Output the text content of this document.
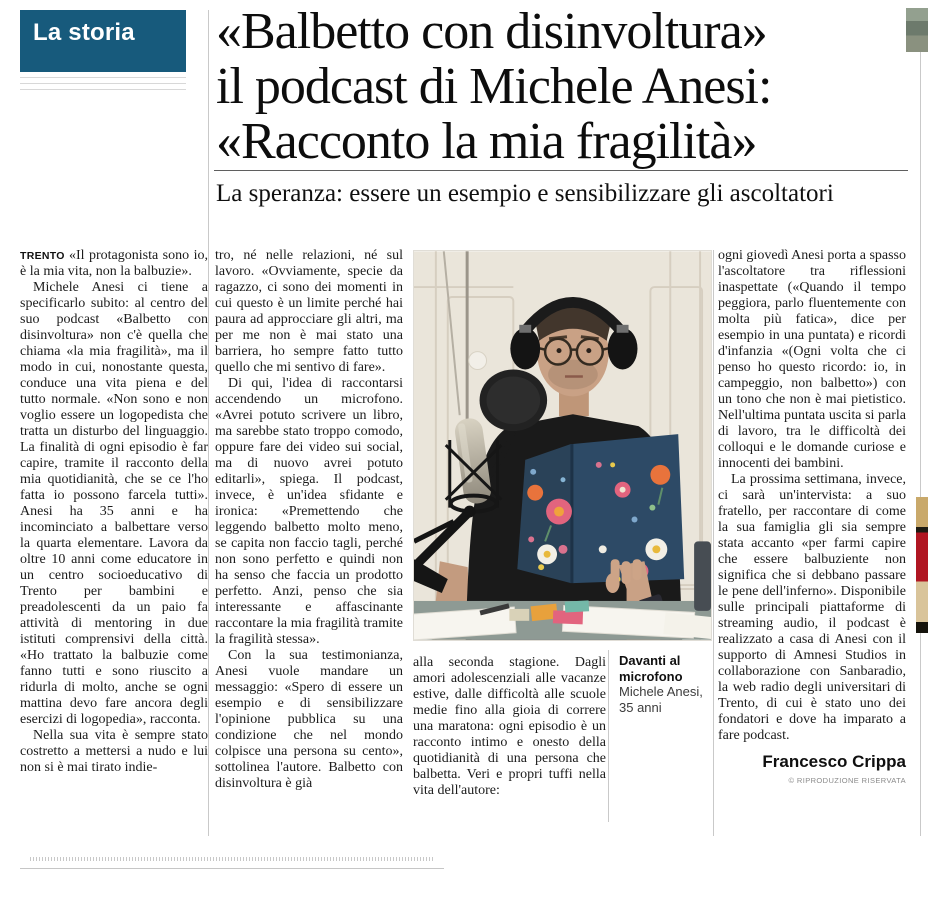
La storia	«Balbetto con disinvoltura»
il podcast di Michele Anesi:
«Racconto la mia fragilità»
La speranza: essere un esempio e sensibilizzare gli ascoltatori

TRENTO «Il protagonista sono io, è la mia vita, non la balbuzie».

Michele Anesi ci tiene a specificarlo subito: al centro del suo podcast «Balbetto con disinvoltura» non c'è quella che chiama «la mia fragilità», ma il modo in cui, nonostante questa, conduce una vita piena e del tutto normale. «Non sono e non voglio essere un logopedista che tratta un disturbo del linguaggio. La finalità di ogni episodio è far capire, tramite il racconto della mia quotidianità, che se ce l'ho fatta io possono farcela tutti». Anesi ha 35 anni e ha incominciato a balbettare verso la quarta elementare. Lavora da oltre 10 anni come educatore in un centro socioeducativo di Trento per bambini e preadolescenti da un paio fa attività di mentoring in due istituti comprensivi della città. «Ho trattato la balbuzie come fanno tutti e sono riuscito a ridurla di molto, anche se ogni mattina devo fare ancora degli esercizi di logopedia», racconta.

Nella sua vita è sempre stato costretto a mettersi a nudo e lui non si è mai tirato indie-

tro, né nelle relazioni, né sul lavoro. «Ovviamente, specie da ragazzo, ci sono dei momenti in cui questo è un limite perché hai paura ad approcciare gli altri, ma per me non è mai stato una barriera, ho sempre fatto tutto quello che mi sentivo di fare».

Di qui, l'idea di raccontarsi accendendo un microfono. «Avrei potuto scrivere un libro, ma sarebbe stato troppo comodo, oppure fare dei video sui social, ma di nuovo avrei potuto editarli», spiega. Il podcast, invece, è un'idea sfidante e ironica: «Premettendo che leggendo balbetto molto meno, se capita non faccio tagli, perché non sono perfetto e quindi non ha senso che faccia un prodotto perfetto. Anzi, penso che sia interessante e affascinante raccontare la mia fragilità tramite la fragilità stessa».

Con la sua testimonianza, Anesi vuole mandare un messaggio: «Spero di essere un esempio e di sensibilizzare l'opinione pubblica su una condizione che nel mondo colpisce una persona su cento», sottolinea l'autore. Balbetto con disinvoltura è già

alla seconda stagione. Dagli amori adolescenziali alle vacanze estive, dalle difficoltà alle scuole medie fino alla gioia di correre una maratona: ogni episodio è un racconto intimo e onesto della quotidianità di una persona che balbetta. Veri e propri tuffi nella vita dell'autore:

ogni giovedì Anesi porta a spasso l'ascoltatore tra riflessioni inaspettate («Quando il tempo peggiora, parlo fluentemente con molta più fatica», dice per esempio in una puntata) e ricordi d'infanzia «(Ogni volta che ci penso ho questo ricordo: io, in campeggio, non balbetto») con un tono che non è mai pietistico. Nell'ultima puntata uscita si parla di lavoro, tra le difficoltà dei colloqui e le domande curiose e innocenti dei bambini.

La prossima settimana, invece, ci sarà un'intervista: a suo fratello, per raccontare di come la sua famiglia gli sia sempre stata accanto «per farmi capire che essere balbuziente non significa che si debbano passare le pene dell'inferno». Disponibile sulle principali piattaforme di streaming audio, il podcast è realizzato a casa di Anesi con il supporto di Amnesi Studios in collaborazione con Sanbaradio, la web radio degli universitari di Trento, di cui è stato uno dei fondatori e dove ha imparato a fare podcast.

Francesco Crippa
© RIPRODUZIONE RISERVATA
Davanti al microfono
Michele Anesi, 35 anni
